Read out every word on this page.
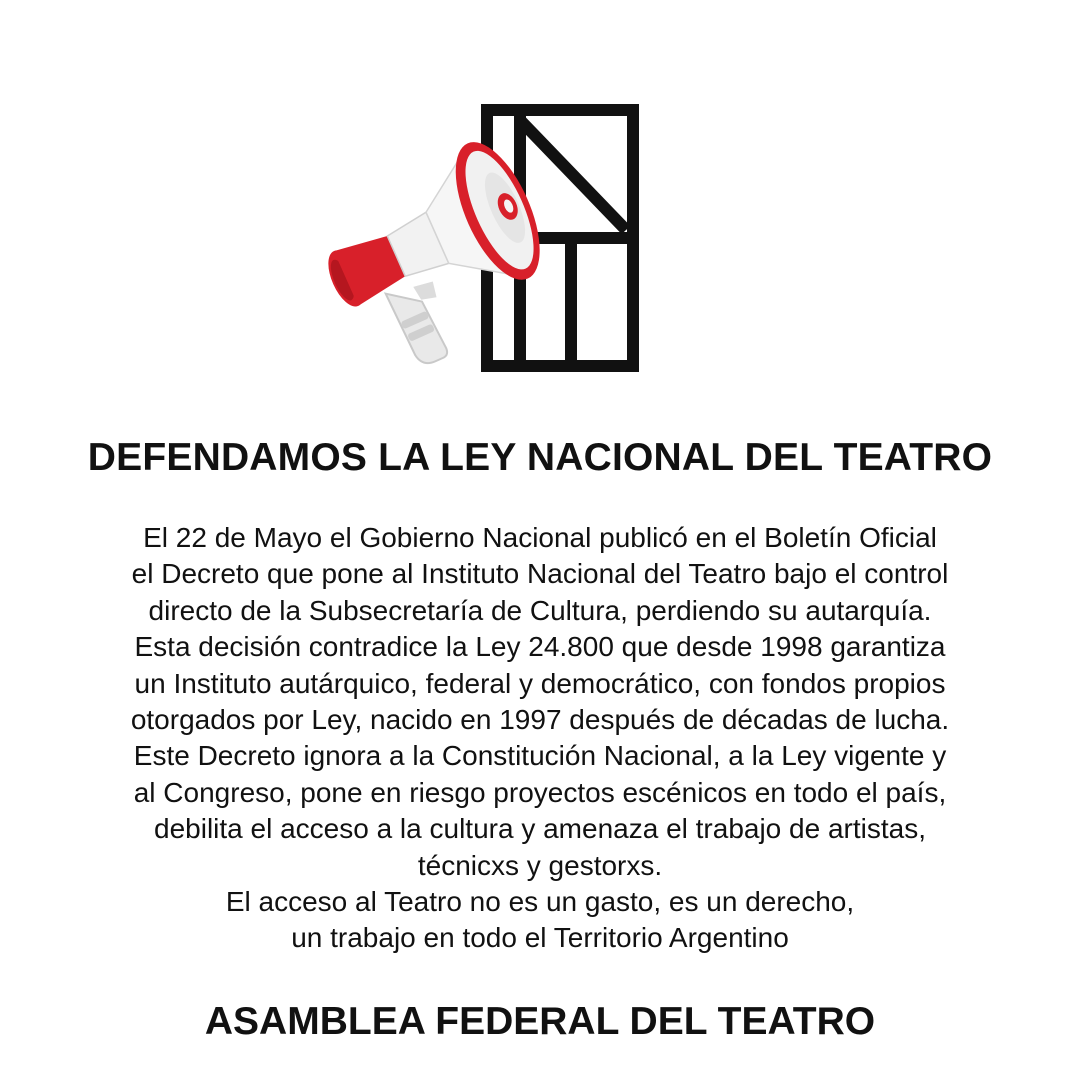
DEFENDAMOS LA LEY NACIONAL DEL TEATRO
El 22 de Mayo el Gobierno Nacional publicó en el Boletín Oficial
el Decreto que pone al Instituto Nacional del Teatro bajo el control
directo de la Subsecretaría de Cultura, perdiendo su autarquía.
Esta decisión contradice la Ley 24.800 que desde 1998 garantiza
un Instituto autárquico, federal y democrático, con fondos propios
otorgados por Ley, nacido en 1997 después de décadas de lucha.
Este Decreto ignora a la Constitución Nacional, a la Ley vigente y
al Congreso, pone en riesgo proyectos escénicos en todo el país,
debilita el acceso a la cultura y amenaza el trabajo de artistas,
técnicxs y gestorxs.
El acceso al Teatro no es un gasto, es un derecho,
un trabajo en todo el Territorio Argentino
ASAMBLEA FEDERAL DEL TEATRO
